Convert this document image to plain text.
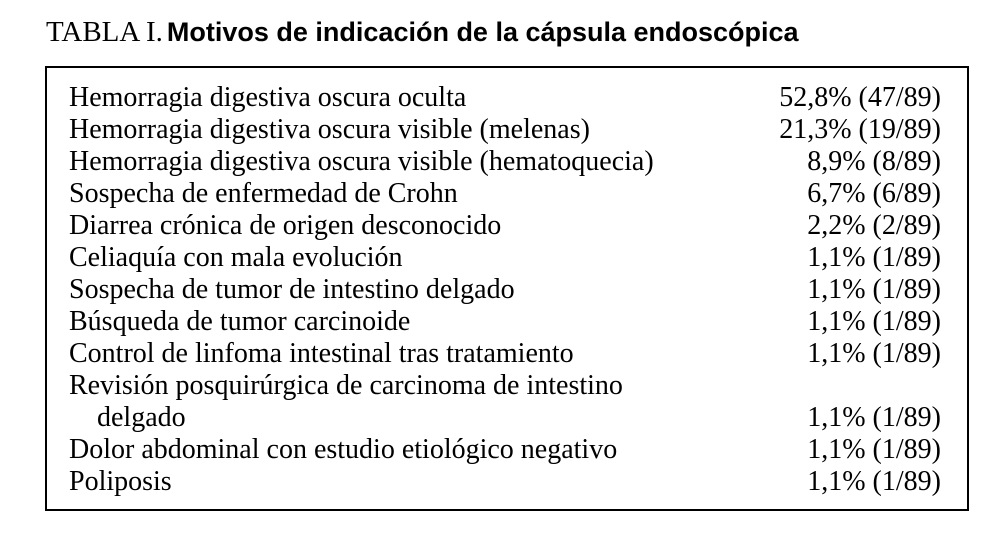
TABLA I. Motivos de indicación de la cápsula endoscópica
Hemorragia digestiva oscura oculta	52,8% (47/89)
Hemorragia digestiva oscura visible (melenas)	21,3% (19/89)
Hemorragia digestiva oscura visible (hematoquecia)	8,9% (8/89)
Sospecha de enfermedad de Crohn	6,7% (6/89)
Diarrea crónica de origen desconocido	2,2% (2/89)
Celiaquía con mala evolución	1,1% (1/89)
Sospecha de tumor de intestino delgado	1,1% (1/89)
Búsqueda de tumor carcinoide	1,1% (1/89)
Control de linfoma intestinal tras tratamiento	1,1% (1/89)
Revisión posquirúrgica de carcinoma de intestino
delgado	1,1% (1/89)
Dolor abdominal con estudio etiológico negativo	1,1% (1/89)
Poliposis	1,1% (1/89)
